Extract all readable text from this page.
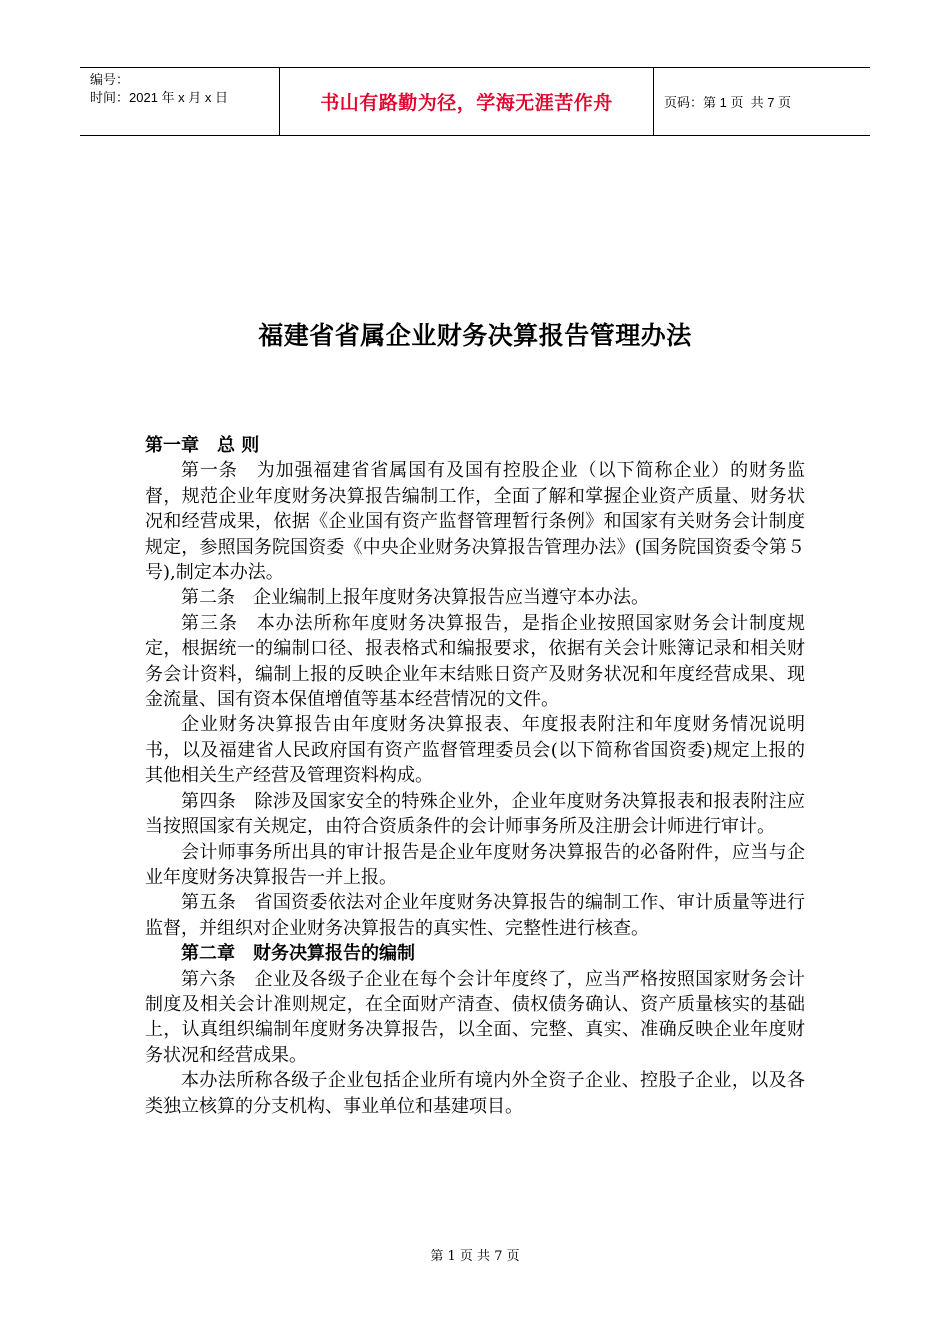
编号：
时间：2021 年 x 月 x 日	书山有路勤为径，学海无涯苦作舟	页码：第 1 页  共 7 页
福建省省属企业财务决算报告管理办法

第一章　总 则

第一条　为加强福建省省属国有及国有控股企业（以下简称企业）的财务监督，规范企业年度财务决算报告编制工作，全面了解和掌握企业资产质量、财务状况和经营成果，依据《企业国有资产监督管理暂行条例》和国家有关财务会计制度规定，参照国务院国资委《中央企业财务决算报告管理办法》(国务院国资委令第５号),制定本办法。

第二条　企业编制上报年度财务决算报告应当遵守本办法。

第三条　本办法所称年度财务决算报告，是指企业按照国家财务会计制度规定，根据统一的编制口径、报表格式和编报要求，依据有关会计账簿记录和相关财务会计资料，编制上报的反映企业年末结账日资产及财务状况和年度经营成果、现金流量、国有资本保值增值等基本经营情况的文件。

企业财务决算报告由年度财务决算报表、年度报表附注和年度财务情况说明书，以及福建省人民政府国有资产监督管理委员会(以下简称省国资委)规定上报的其他相关生产经营及管理资料构成。

第四条　除涉及国家安全的特殊企业外，企业年度财务决算报表和报表附注应当按照国家有关规定，由符合资质条件的会计师事务所及注册会计师进行审计。

会计师事务所出具的审计报告是企业年度财务决算报告的必备附件，应当与企业年度财务决算报告一并上报。

第五条　省国资委依法对企业年度财务决算报告的编制工作、审计质量等进行监督，并组织对企业财务决算报告的真实性、完整性进行核查。

第二章　财务决算报告的编制

第六条　企业及各级子企业在每个会计年度终了，应当严格按照国家财务会计制度及相关会计准则规定，在全面财产清查、债权债务确认、资产质量核实的基础上，认真组织编制年度财务决算报告，以全面、完整、真实、准确反映企业年度财务状况和经营成果。

本办法所称各级子企业包括企业所有境内外全资子企业、控股子企业，以及各类独立核算的分支机构、事业单位和基建项目。

第 1 页 共 7 页
